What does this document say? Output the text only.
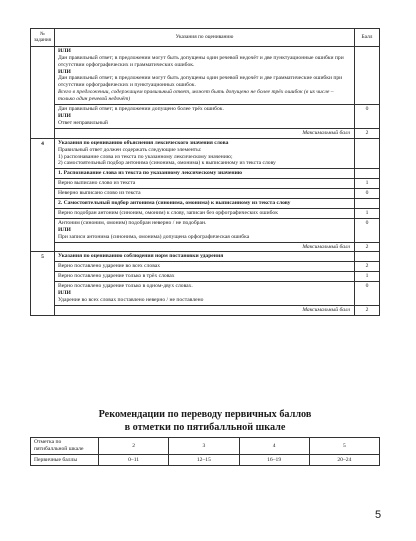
№ задания	Указания по оцениванию	Балл

	ИЛИ
Дан правильный ответ; в предложении могут быть допущены один речевой недочёт и две пунктуационные ошибки при отсутствии орфографических и грамматических ошибок.
ИЛИ
Дан правильный ответ; в предложении могут быть допущены один речевой недочёт и две грамматические ошибки при отсутствии орфографических и пунктуационных ошибок.
Всего в предложении, содержащем правильный ответ, может быть допущено не более трёх ошибок (в их числе – только один речевой недочёт)	

	Дан правильный ответ; в предложении допущено более трёх ошибок.
ИЛИ
Ответ неправильный	0
	Максимальный балл	2
4	Указания по оцениванию объяснения лексического значения слова
Правильный ответ должен содержать следующие элементы:
1) распознавание слова из текста по указанному лексическому значению;
2) самостоятельный подбор антонима (синонима, омонима) к выписанному из текста слову	

	1. Распознавание слова из текста по указанному лексическому значению	
	Верно выписано слово из текста	1
	Неверно выписано слово из текста	0
	2. Самостоятельный подбор антонима (синонима, омонима) к выписанному из текста слову	
	Верно подобран антоним (синоним, омоним) к слову, записан без орфографических ошибок	1

	Антоним (синоним, омоним) подобран неверно / не подобран.
ИЛИ
При записи антонима (синонима, омонима) допущена орфографическая ошибка	0
	Максимальный балл	2
5	Указания по оцениванию соблюдения норм постановки ударения	
	Верно поставлено ударение во всех словах	2
	Верно поставлено ударение только в трёх словах	1

	Верно поставлено ударение только в одном-двух словах.
ИЛИ
Ударение во всех словах поставлено неверно / не поставлено	0
	Максимальный балл	2
Рекомендации по переводу первичных баллов
в отметки по пятибалльной шкале
Отметка по пятибалльной шкале	2	3	4	5
Первичные баллы	0–11	12–15	16–19	20–24
5
